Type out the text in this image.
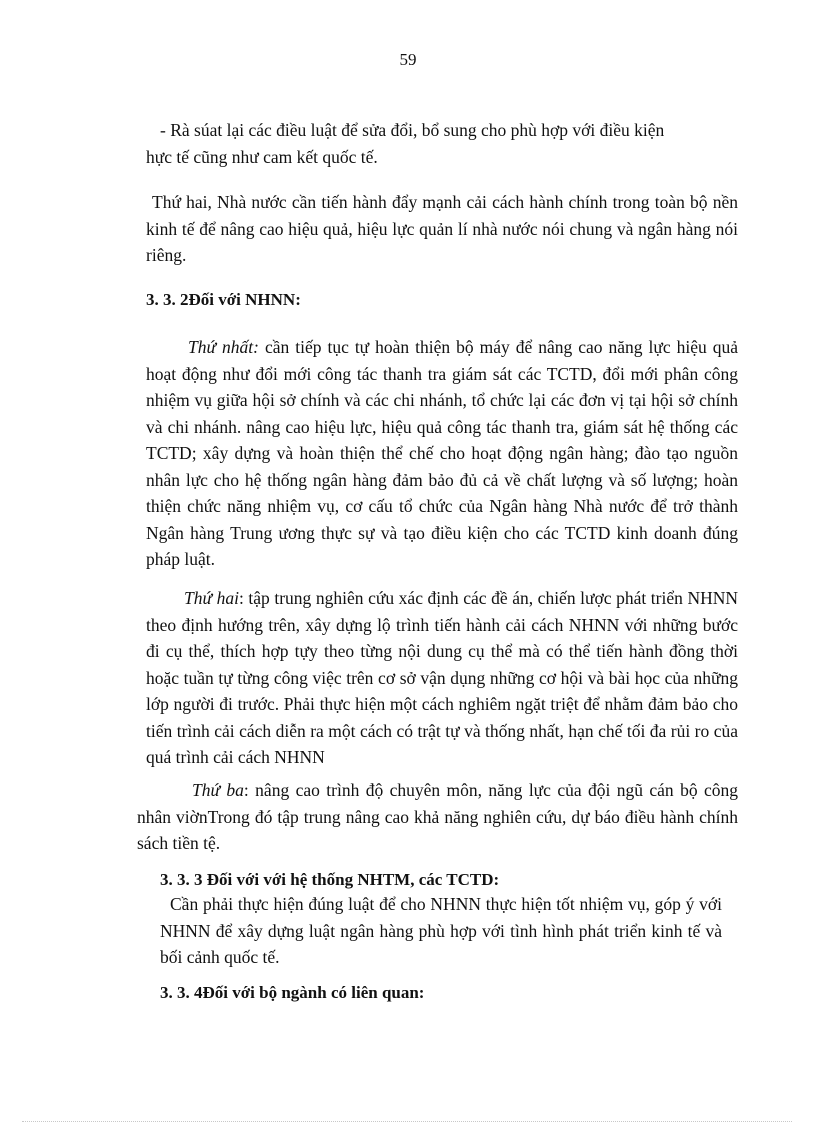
59

- Rà súat lại các điều luật để sửa đổi, bổ sung cho phù hợp với điều kiện

hực tế cũng như cam kết quốc tế.

Thứ hai, Nhà nước cần tiến hành đẩy mạnh cải cách hành chính trong toàn bộ nền kinh tế để nâng cao hiệu quả, hiệu lực quản lí nhà nước nói chung và ngân hàng nói riêng.

3. 3. 2Đối với NHNN:

Thứ nhất: cần tiếp tục tự hoàn thiện bộ máy để nâng cao năng lực hiệu quả hoạt động như đổi mới công tác thanh tra giám sát các TCTD, đổi mới phân công nhiệm vụ giữa hội sở chính và các chi nhánh, tổ chức lại các đơn vị tại hội sở chính và chi nhánh. nâng cao hiệu lực, hiệu quả công tác thanh tra, giám sát hệ thống các TCTD; xây dựng và hoàn thiện thể chế cho hoạt động ngân hàng; đào tạo nguồn nhân lực cho hệ thống ngân hàng đảm bảo đủ cả về chất lượng và số lượng; hoàn thiện chức năng nhiệm vụ, cơ cấu tổ chức của Ngân hàng Nhà nước để trở thành Ngân hàng Trung ương thực sự và tạo điều kiện cho các TCTD kinh doanh đúng pháp luật.

Thứ hai: tập trung nghiên cứu xác định các đề án, chiến lược phát triển NHNN theo định hướng trên, xây dựng lộ trình tiến hành cải cách NHNN với những bước đi cụ thể, thích hợp tựy theo từng nội dung cụ thể mà có thể tiến hành đồng thời hoặc tuần tự từng công việc trên cơ sở vận dụng những cơ hội và bài học của những lớp người đi trước. Phải thực hiện một cách nghiêm ngặt triệt để nhằm đảm bảo cho tiến trình cải cách diễn ra một cách có trật tự và thống nhất, hạn chế tối đa rủi ro của quá trình cải cách NHNN

Thứ ba: nâng cao trình độ chuyên môn, năng lực của đội ngũ cán bộ công nhân viờnTrong đó tập trung nâng cao khả năng nghiên cứu, dự báo điều hành chính sách tiền tệ.

3. 3. 3 Đối với với hệ thống NHTM, các TCTD:

Cần phải thực hiện đúng luật để cho NHNN thực hiện tốt nhiệm vụ, góp ý với NHNN để xây dựng luật ngân hàng phù hợp với tình hình phát triển kinh tế và bối cảnh quốc tế.

3. 3. 4Đối với bộ ngành có liên quan:
